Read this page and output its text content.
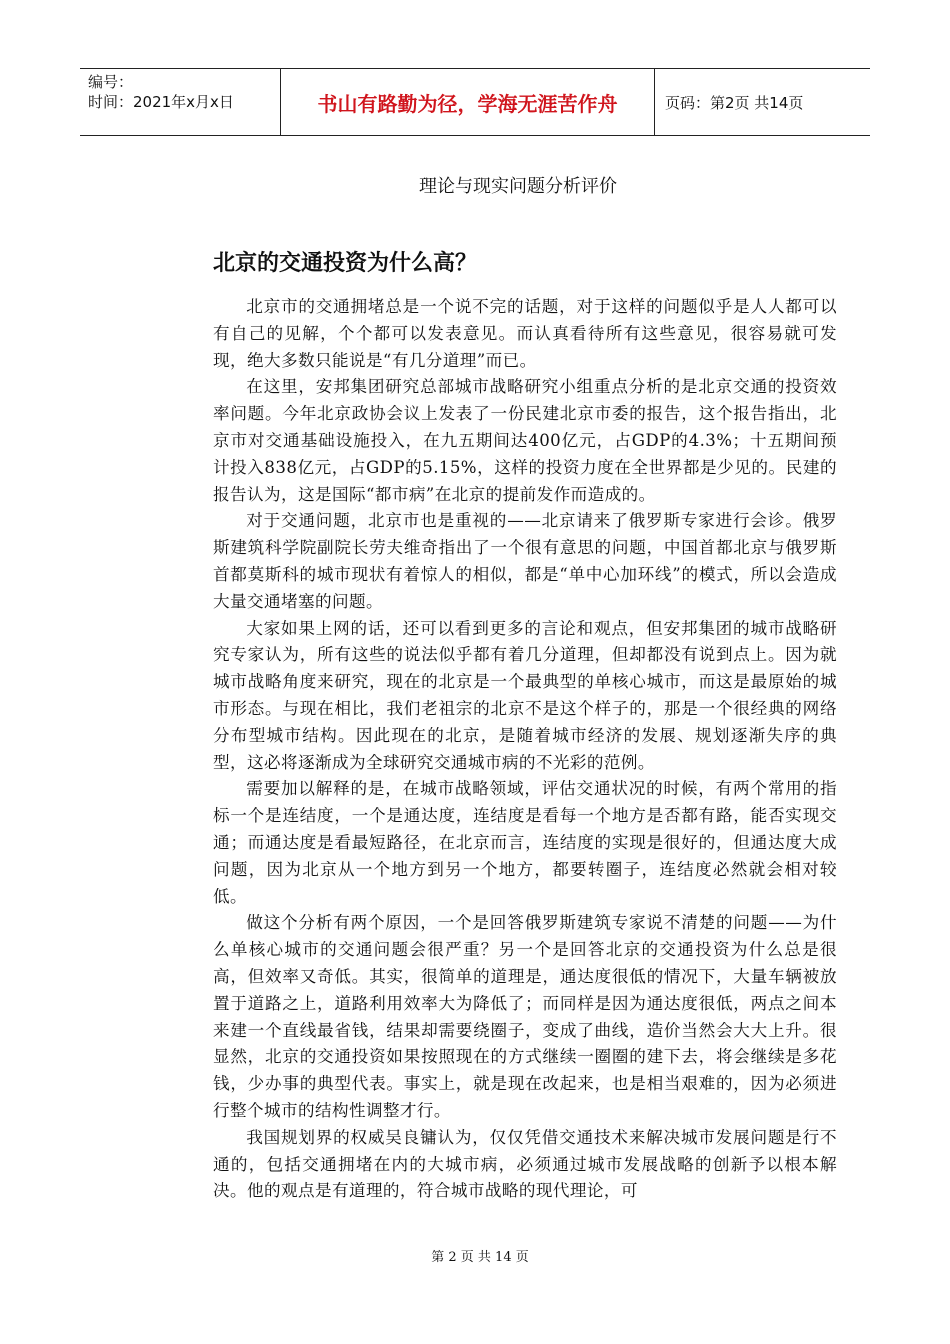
编号：
时间：2021年x月x日	书山有路勤为径，学海无涯苦作舟	页码：第2页 共14页
理论与现实问题分析评价
北京的交通投资为什么高？

北京市的交通拥堵总是一个说不完的话题，对于这样的问题似乎是人人都可以有自己的见解，个个都可以发表意见。而认真看待所有这些意见，很容易就可发现，绝大多数只能说是“有几分道理”而已。

在这里，安邦集团研究总部城市战略研究小组重点分析的是北京交通的投资效率问题。今年北京政协会议上发表了一份民建北京市委的报告，这个报告指出，北京市对交通基础设施投入，在九五期间达400亿元，占GDP的4.3%；十五期间预计投入838亿元，占GDP的5.15%，这样的投资力度在全世界都是少见的。民建的报告认为，这是国际“都市病”在北京的提前发作而造成的。

对于交通问题，北京市也是重视的——北京请来了俄罗斯专家进行会诊。俄罗斯建筑科学院副院长劳夫维奇指出了一个很有意思的问题，中国首都北京与俄罗斯首都莫斯科的城市现状有着惊人的相似，都是“单中心加环线”的模式，所以会造成大量交通堵塞的问题。

大家如果上网的话，还可以看到更多的言论和观点，但安邦集团的城市战略研究专家认为，所有这些的说法似乎都有着几分道理，但却都没有说到点上。因为就城市战略角度来研究，现在的北京是一个最典型的单核心城市，而这是最原始的城市形态。与现在相比，我们老祖宗的北京不是这个样子的，那是一个很经典的网络分布型城市结构。因此现在的北京，是随着城市经济的发展、规划逐渐失序的典型，这必将逐渐成为全球研究交通城市病的不光彩的范例。

需要加以解释的是，在城市战略领域，评估交通状况的时候，有两个常用的指标一个是连结度，一个是通达度，连结度是看每一个地方是否都有路，能否实现交通；而通达度是看最短路径，在北京而言，连结度的实现是很好的，但通达度大成问题，因为北京从一个地方到另一个地方，都要转圈子，连结度必然就会相对较低。

做这个分析有两个原因，一个是回答俄罗斯建筑专家说不清楚的问题——为什么单核心城市的交通问题会很严重？另一个是回答北京的交通投资为什么总是很高，但效率又奇低。其实，很简单的道理是，通达度很低的情况下，大量车辆被放置于道路之上，道路利用效率大为降低了；而同样是因为通达度很低，两点之间本来建一个直线最省钱，结果却需要绕圈子，变成了曲线，造价当然会大大上升。很显然，北京的交通投资如果按照现在的方式继续一圈圈的建下去，将会继续是多花钱，少办事的典型代表。事实上，就是现在改起来，也是相当艰难的，因为必须进行整个城市的结构性调整才行。

我国规划界的权威吴良镛认为，仅仅凭借交通技术来解决城市发展问题是行不通的，包括交通拥堵在内的大城市病，必须通过城市发展战略的创新予以根本解决。他的观点是有道理的，符合城市战略的现代理论，可

第 2 页 共 14 页
